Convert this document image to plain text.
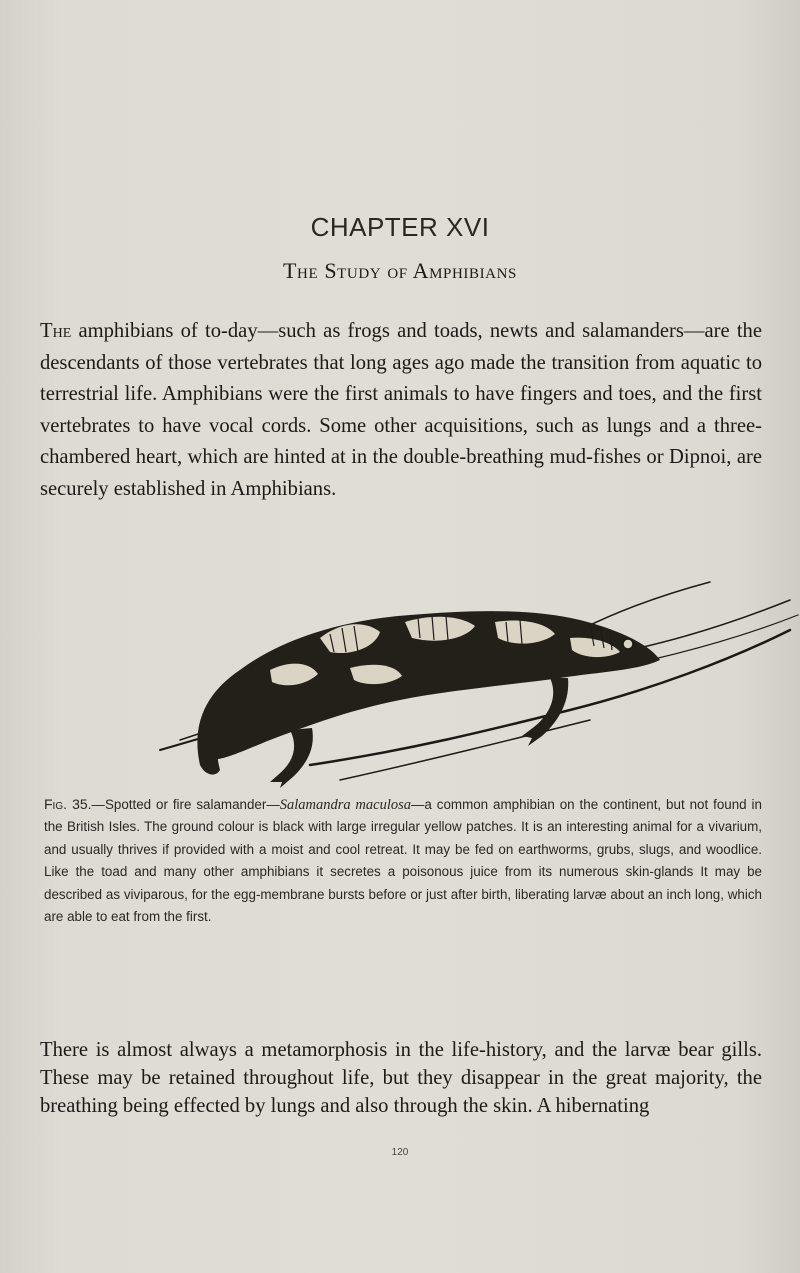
CHAPTER XVI
The Study of Amphibians
The amphibians of to-day—such as frogs and toads, newts and salamanders—are the descendants of those vertebrates that long ages ago made the transition from aquatic to terrestrial life. Amphibians were the first animals to have fingers and toes, and the first vertebrates to have vocal cords. Some other acquisitions, such as lungs and a three-chambered heart, which are hinted at in the double-breathing mud-fishes or Dipnoi, are securely established in Amphibians.
Fig. 35.—Spotted or fire salamander—Salamandra maculosa—a common amphibian on the continent, but not found in the British Isles. The ground colour is black with large irregular yellow patches. It is an interesting animal for a vivarium, and usually thrives if provided with a moist and cool retreat. It may be fed on earthworms, grubs, slugs, and woodlice. Like the toad and many other amphibians it secretes a poisonous juice from its numerous skin-glands It may be described as viviparous, for the egg-membrane bursts before or just after birth, liberating larvæ about an inch long, which are able to eat from the first.
There is almost always a metamorphosis in the life-history, and the larvæ bear gills. These may be retained throughout life, but they disappear in the great majority, the breathing being effected by lungs and also through the skin. A hibernating
120
